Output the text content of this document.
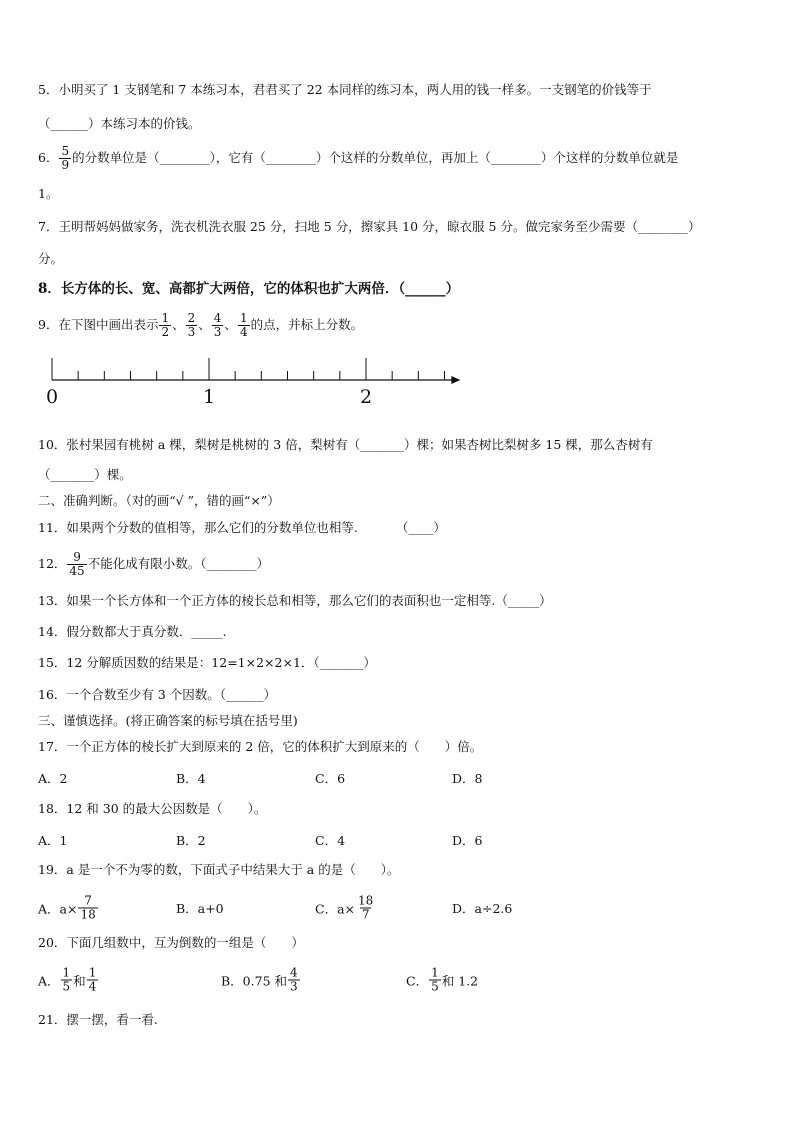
5．小明买了 1 支钢笔和 7 本练习本，君君买了 22 本同样的练习本，两人用的钱一样多。一支钢笔的价钱等于
（______）本练习本的价钱。
6． $\frac{5}{9}$ 的分数单位是（________），它有（________）个这样的分数单位，再加上（________）个这样的分数单位就是
1。
7．王明帮妈妈做家务，洗衣机洗衣服 25 分，扫地 5 分，擦家具 10 分，晾衣服 5 分。做完家务至少需要（________）
分。
8．长方体的长、宽、高都扩大两倍，它的体积也扩大两倍．（______）
9．在下图中画出表示 $\frac{1}{2}$ 、 $\frac{2}{3}$ 、 $\frac{4}{3}$ 、 $\frac{1}{4}$ 的点，并标上分数。
0	1	2
10．张村果园有桃树 a 棵，梨树是桃树的 3 倍，梨树有（_______）棵；如果杏树比梨树多 15 棵，那么杏树有
（_______）棵。
二、准确判断。（对的画“√ ”，错的画“×”）
11．如果两个分数的值相等，那么它们的分数单位也相等.	（____）
12． $\frac{9}{45}$ 不能化成有限小数。（________）
13．如果一个长方体和一个正方体的棱长总和相等，那么它们的表面积也一定相等.（_____）
14．假分数都大于真分数．_____.
15．12 分解质因数的结果是：12=1×2×2×1．（_______）
16．一个合数至少有 3 个因数。（______）
三、谨慎选择。(将正确答案的标号填在括号里)
17．一个正方体的棱长扩大到原来的 2 倍，它的体积扩大到原来的（　　）倍。
A．2	B．4	C．6	D．8
18．12 和 30 的最大公因数是（　　）。
A．1	B．2	C．4	D．6
19．a 是一个不为零的数，下面式子中结果大于 a 的是（　　）。
A．$a\times \frac{7}{18}$	B．a+0	C．$a\times \frac{18}{7}$	D．a÷2.6
20．下面几组数中，互为倒数的一组是（　　）
A． $\frac{1}{5}$ 和 $\frac{1}{4}$	B．0.75 和 $\frac{4}{3}$	C． $\frac{1}{5}$ 和 1.2
21．摆一摆，看一看.
